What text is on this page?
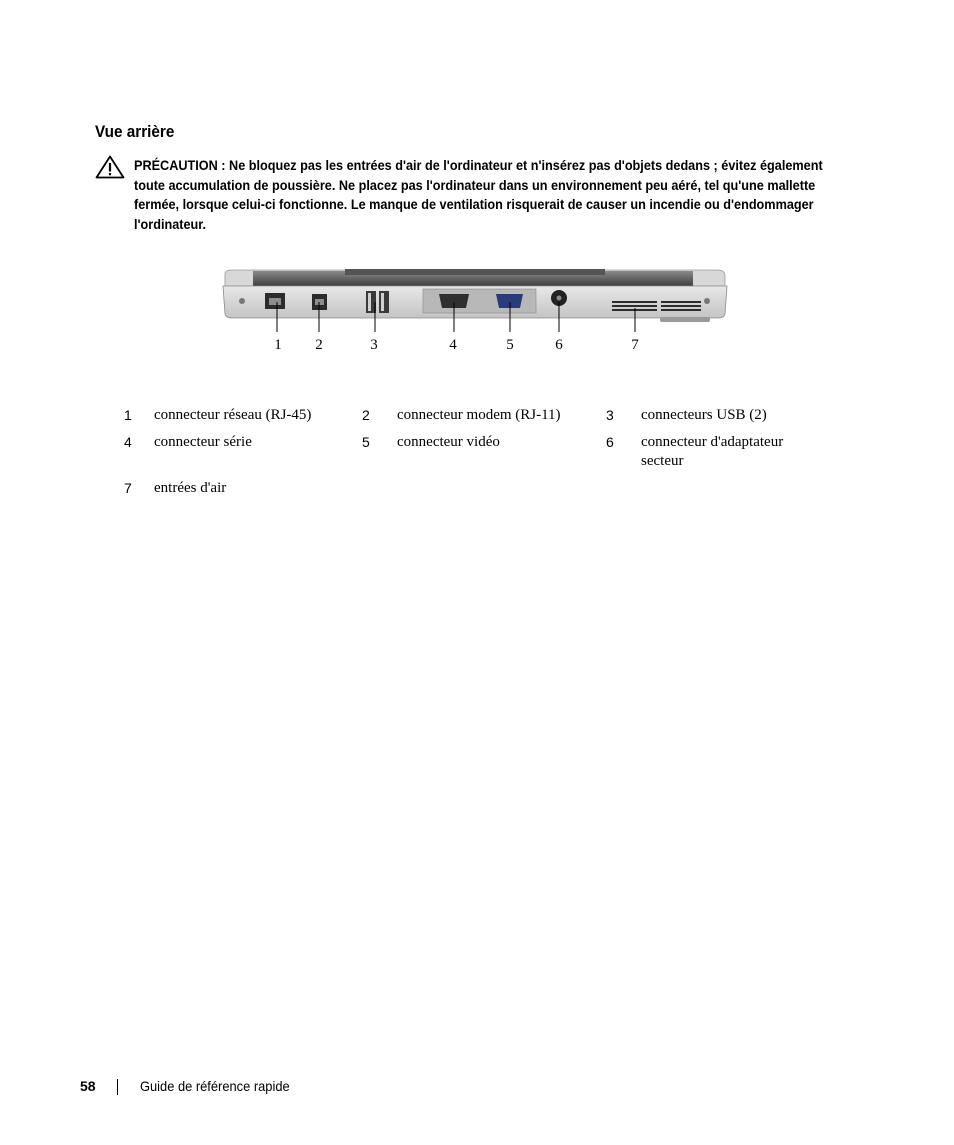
Vue arrière
PRÉCAUTION : Ne bloquez pas les entrées d'air de l'ordinateur et n'insérez pas d'objets dedans ; évitez également toute accumulation de poussière. Ne placez pas l'ordinateur dans un environnement peu aéré, tel qu'une mallette fermée, lorsque celui-ci fonctionne. Le manque de ventilation risquerait de causer un incendie ou d'endommager l'ordinateur.
1 2	3	4	5	6	7
1 connecteur réseau (RJ-45)	2 connecteur modem (RJ-11)	3 connecteurs USB (2)
4 connecteur série	5 connecteur vidéo	6 connecteur d'adaptateur secteur
7 entrées d'air
58	Guide de référence rapide
